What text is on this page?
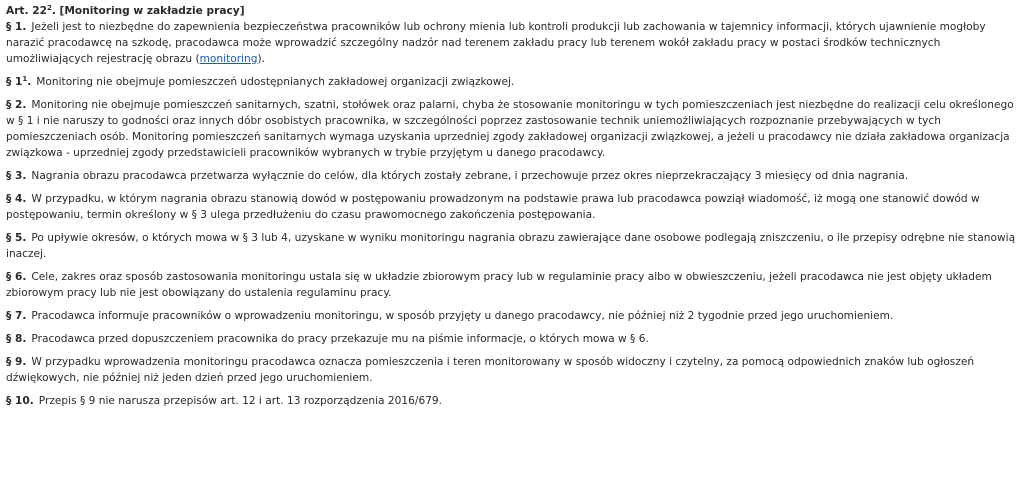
Art. $22^2$. [Monitoring w zakładzie pracy]

§ 1. Jeżeli jest to niezbędne do zapewnienia bezpieczeństwa pracowników lub ochrony mienia lub kontroli produkcji lub zachowania w tajemnicy informacji, których ujawnienie mogłoby narazić pracodawcę na szkodę, pracodawca może wprowadzić szczególny nadzór nad terenem zakładu pracy lub terenem wokół zakładu pracy w postaci środków technicznych umożliwiających rejestrację obrazu (monitoring).

§ $1^1$. Monitoring nie obejmuje pomieszczeń udostępnianych zakładowej organizacji związkowej.

§ 2. Monitoring nie obejmuje pomieszczeń sanitarnych, szatni, stołówek oraz palarni, chyba że stosowanie monitoringu w tych pomieszczeniach jest niezbędne do realizacji celu określonego w § 1 i nie naruszy to godności oraz innych dóbr osobistych pracownika, w szczególności poprzez zastosowanie technik uniemożliwiających rozpoznanie przebywających w tych pomieszczeniach osób. Monitoring pomieszczeń sanitarnych wymaga uzyskania uprzedniej zgody zakładowej organizacji związkowej, a jeżeli u pracodawcy nie działa zakładowa organizacja związkowa - uprzedniej zgody przedstawicieli pracowników wybranych w trybie przyjętym u danego pracodawcy.

§ 3. Nagrania obrazu pracodawca przetwarza wyłącznie do celów, dla których zostały zebrane, i przechowuje przez okres nieprzekraczający 3 miesięcy od dnia nagrania.

§ 4. W przypadku, w którym nagrania obrazu stanowią dowód w postępowaniu prowadzonym na podstawie prawa lub pracodawca powziął wiadomość, iż mogą one stanowić dowód w postępowaniu, termin określony w § 3 ulega przedłużeniu do czasu prawomocnego zakończenia postępowania.

§ 5. Po upływie okresów, o których mowa w § 3 lub 4, uzyskane w wyniku monitoringu nagrania obrazu zawierające dane osobowe podlegają zniszczeniu, o ile przepisy odrębne nie stanowią inaczej.

§ 6. Cele, zakres oraz sposób zastosowania monitoringu ustala się w układzie zbiorowym pracy lub w regulaminie pracy albo w obwieszczeniu, jeżeli pracodawca nie jest objęty układem zbiorowym pracy lub nie jest obowiązany do ustalenia regulaminu pracy.

§ 7. Pracodawca informuje pracowników o wprowadzeniu monitoringu, w sposób przyjęty u danego pracodawcy, nie później niż 2 tygodnie przed jego uruchomieniem.

§ 8. Pracodawca przed dopuszczeniem pracownika do pracy przekazuje mu na piśmie informacje, o których mowa w § 6.

§ 9. W przypadku wprowadzenia monitoringu pracodawca oznacza pomieszczenia i teren monitorowany w sposób widoczny i czytelny, za pomocą odpowiednich znaków lub ogłoszeń dźwiękowych, nie później niż jeden dzień przed jego uruchomieniem.

§ 10. Przepis § 9 nie narusza przepisów art. 12 i art. 13 rozporządzenia 2016/679.
